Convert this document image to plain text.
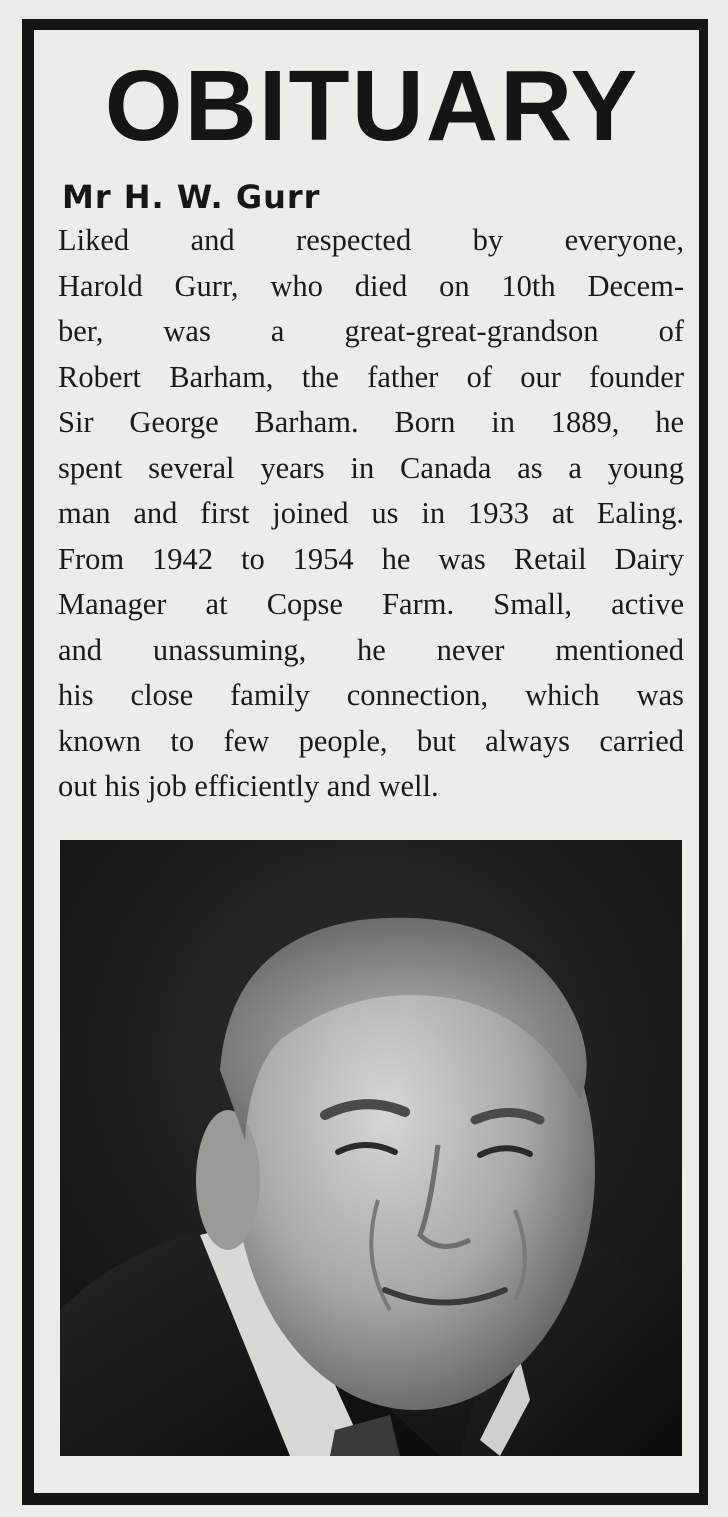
OBITUARY
Mr H. W. Gurr
Liked and respected by everyone,
Harold Gurr, who died on 10th Decem-
ber, was a great-great-grandson of
Robert Barham, the father of our founder
Sir George Barham. Born in 1889, he
spent several years in Canada as a young
man and first joined us in 1933 at Ealing.
From 1942 to 1954 he was Retail Dairy
Manager at Copse Farm. Small, active
and unassuming, he never mentioned
his close family connection, which was
known to few people, but always carried
out his job efficiently and well.
